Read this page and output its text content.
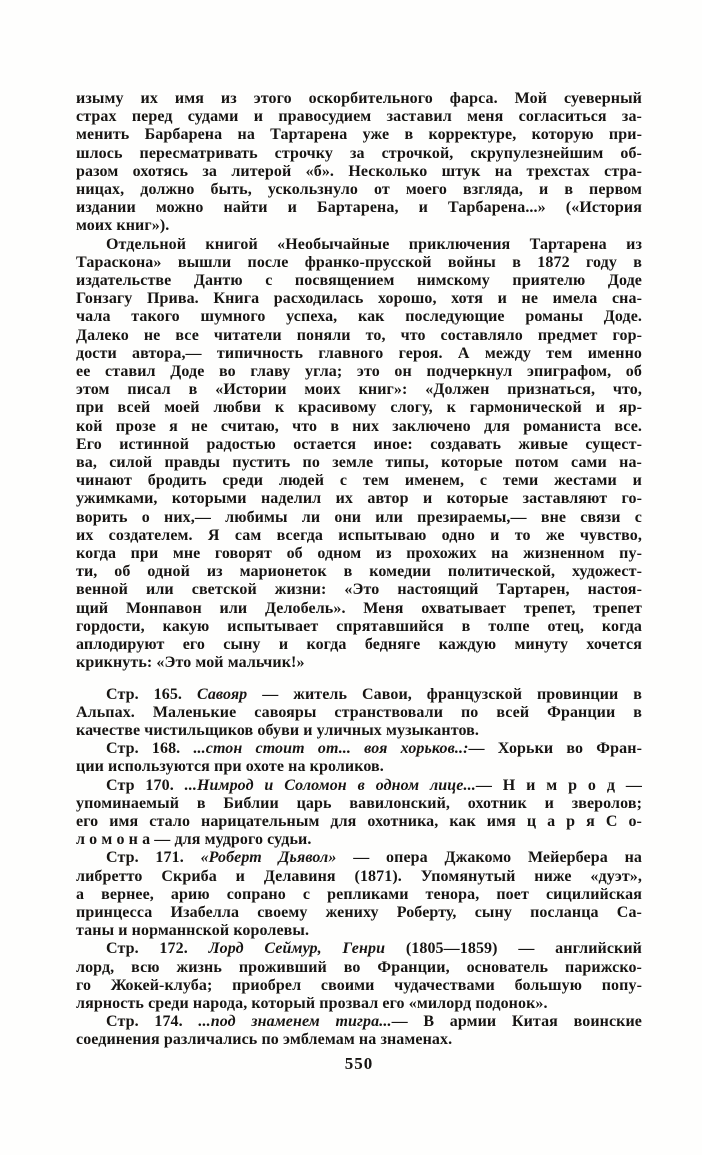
изыму их имя из этого оскорбительного фарса. Мой суеверный
страх перед судами и правосудием заставил меня согласиться за-
менить Барбарена на Тартарена уже в корректуре, которую при-
шлось пересматривать строчку за строчкой, скрупулезнейшим об-
разом охотясь за литерой «б». Несколько штук на трехстах стра-
ницах, должно быть, ускользнуло от моего взгляда, и в первом
издании можно найти и Бартарена, и Тарбарена...» («История
моих книг»).
Отдельной книгой «Необычайные приключения Тартарена из
Тараскона» вышли после франко-прусской войны в 1872 году в
издательстве Дантю с посвящением нимскому приятелю Доде
Гонзагу Прива. Книга расходилась хорошо, хотя и не имела сна-
чала такого шумного успеха, как последующие романы Доде.
Далеко не все читатели поняли то, что составляло предмет гор-
дости автора,— типичность главного героя. А между тем именно
ее ставил Доде во главу угла; это он подчеркнул эпиграфом, об
этом писал в «Истории моих книг»: «Должен признаться, что,
при всей моей любви к красивому слогу, к гармонической и яр-
кой прозе я не считаю, что в них заключено для романиста все.
Его истинной радостью остается иное: создавать живые сущест-
ва, силой правды пустить по земле типы, которые потом сами на-
чинают бродить среди людей с тем именем, с теми жестами и
ужимками, которыми наделил их автор и которые заставляют го-
ворить о них,— любимы ли они или презираемы,— вне связи с
их создателем. Я сам всегда испытываю одно и то же чувство,
когда при мне говорят об одном из прохожих на жизненном пу-
ти, об одной из марионеток в комедии политической, художест-
венной или светской жизни: «Это настоящий Тартарен, настоя-
щий Монпавон или Делобель». Меня охватывает трепет, трепет
гордости, какую испытывает спрятавшийся в толпе отец, когда
аплодируют его сыну и когда бедняге каждую минуту хочется
крикнуть: «Это мой мальчик!»
Стр. 165. Савояр — житель Савои, французской провинции в
Альпах. Маленькие савояры странствовали по всей Франции в
качестве чистильщиков обуви и уличных музыкантов.
Стр. 168. ...стон стоит от... воя хорьков..:— Хорьки во Фран-
ции используются при охоте на кроликов.
Стр 170. ...Нимрод и Соломон в одном лице...— Н и м р о д —
упоминаемый в Библии царь вавилонский, охотник и зверолов;
его имя стало нарицательным для охотника, как имя ц а р я С о-
л о м о н а — для мудрого судьи.
Стр. 171. «Роберт Дьявол» — опера Джакомо Мейербера на
либретто Скриба и Делавиня (1871). Упомянутый ниже «дуэт»,
а вернее, арию сопрано с репликами тенора, поет сицилийская
принцесса Изабелла своему жениху Роберту, сыну посланца Са-
таны и норманнской королевы.
Стр. 172. Лорд Сеймур, Генри (1805—1859) — английский
лорд, всю жизнь проживший во Франции, основатель парижско-
го Жокей-клуба; приобрел своими чудачествами большую попу-
лярность среди народа, который прозвал его «милорд подонок».
Стр. 174. ...под знаменем тигра...— В армии Китая воинские
соединения различались по эмблемам на знаменах.
550
